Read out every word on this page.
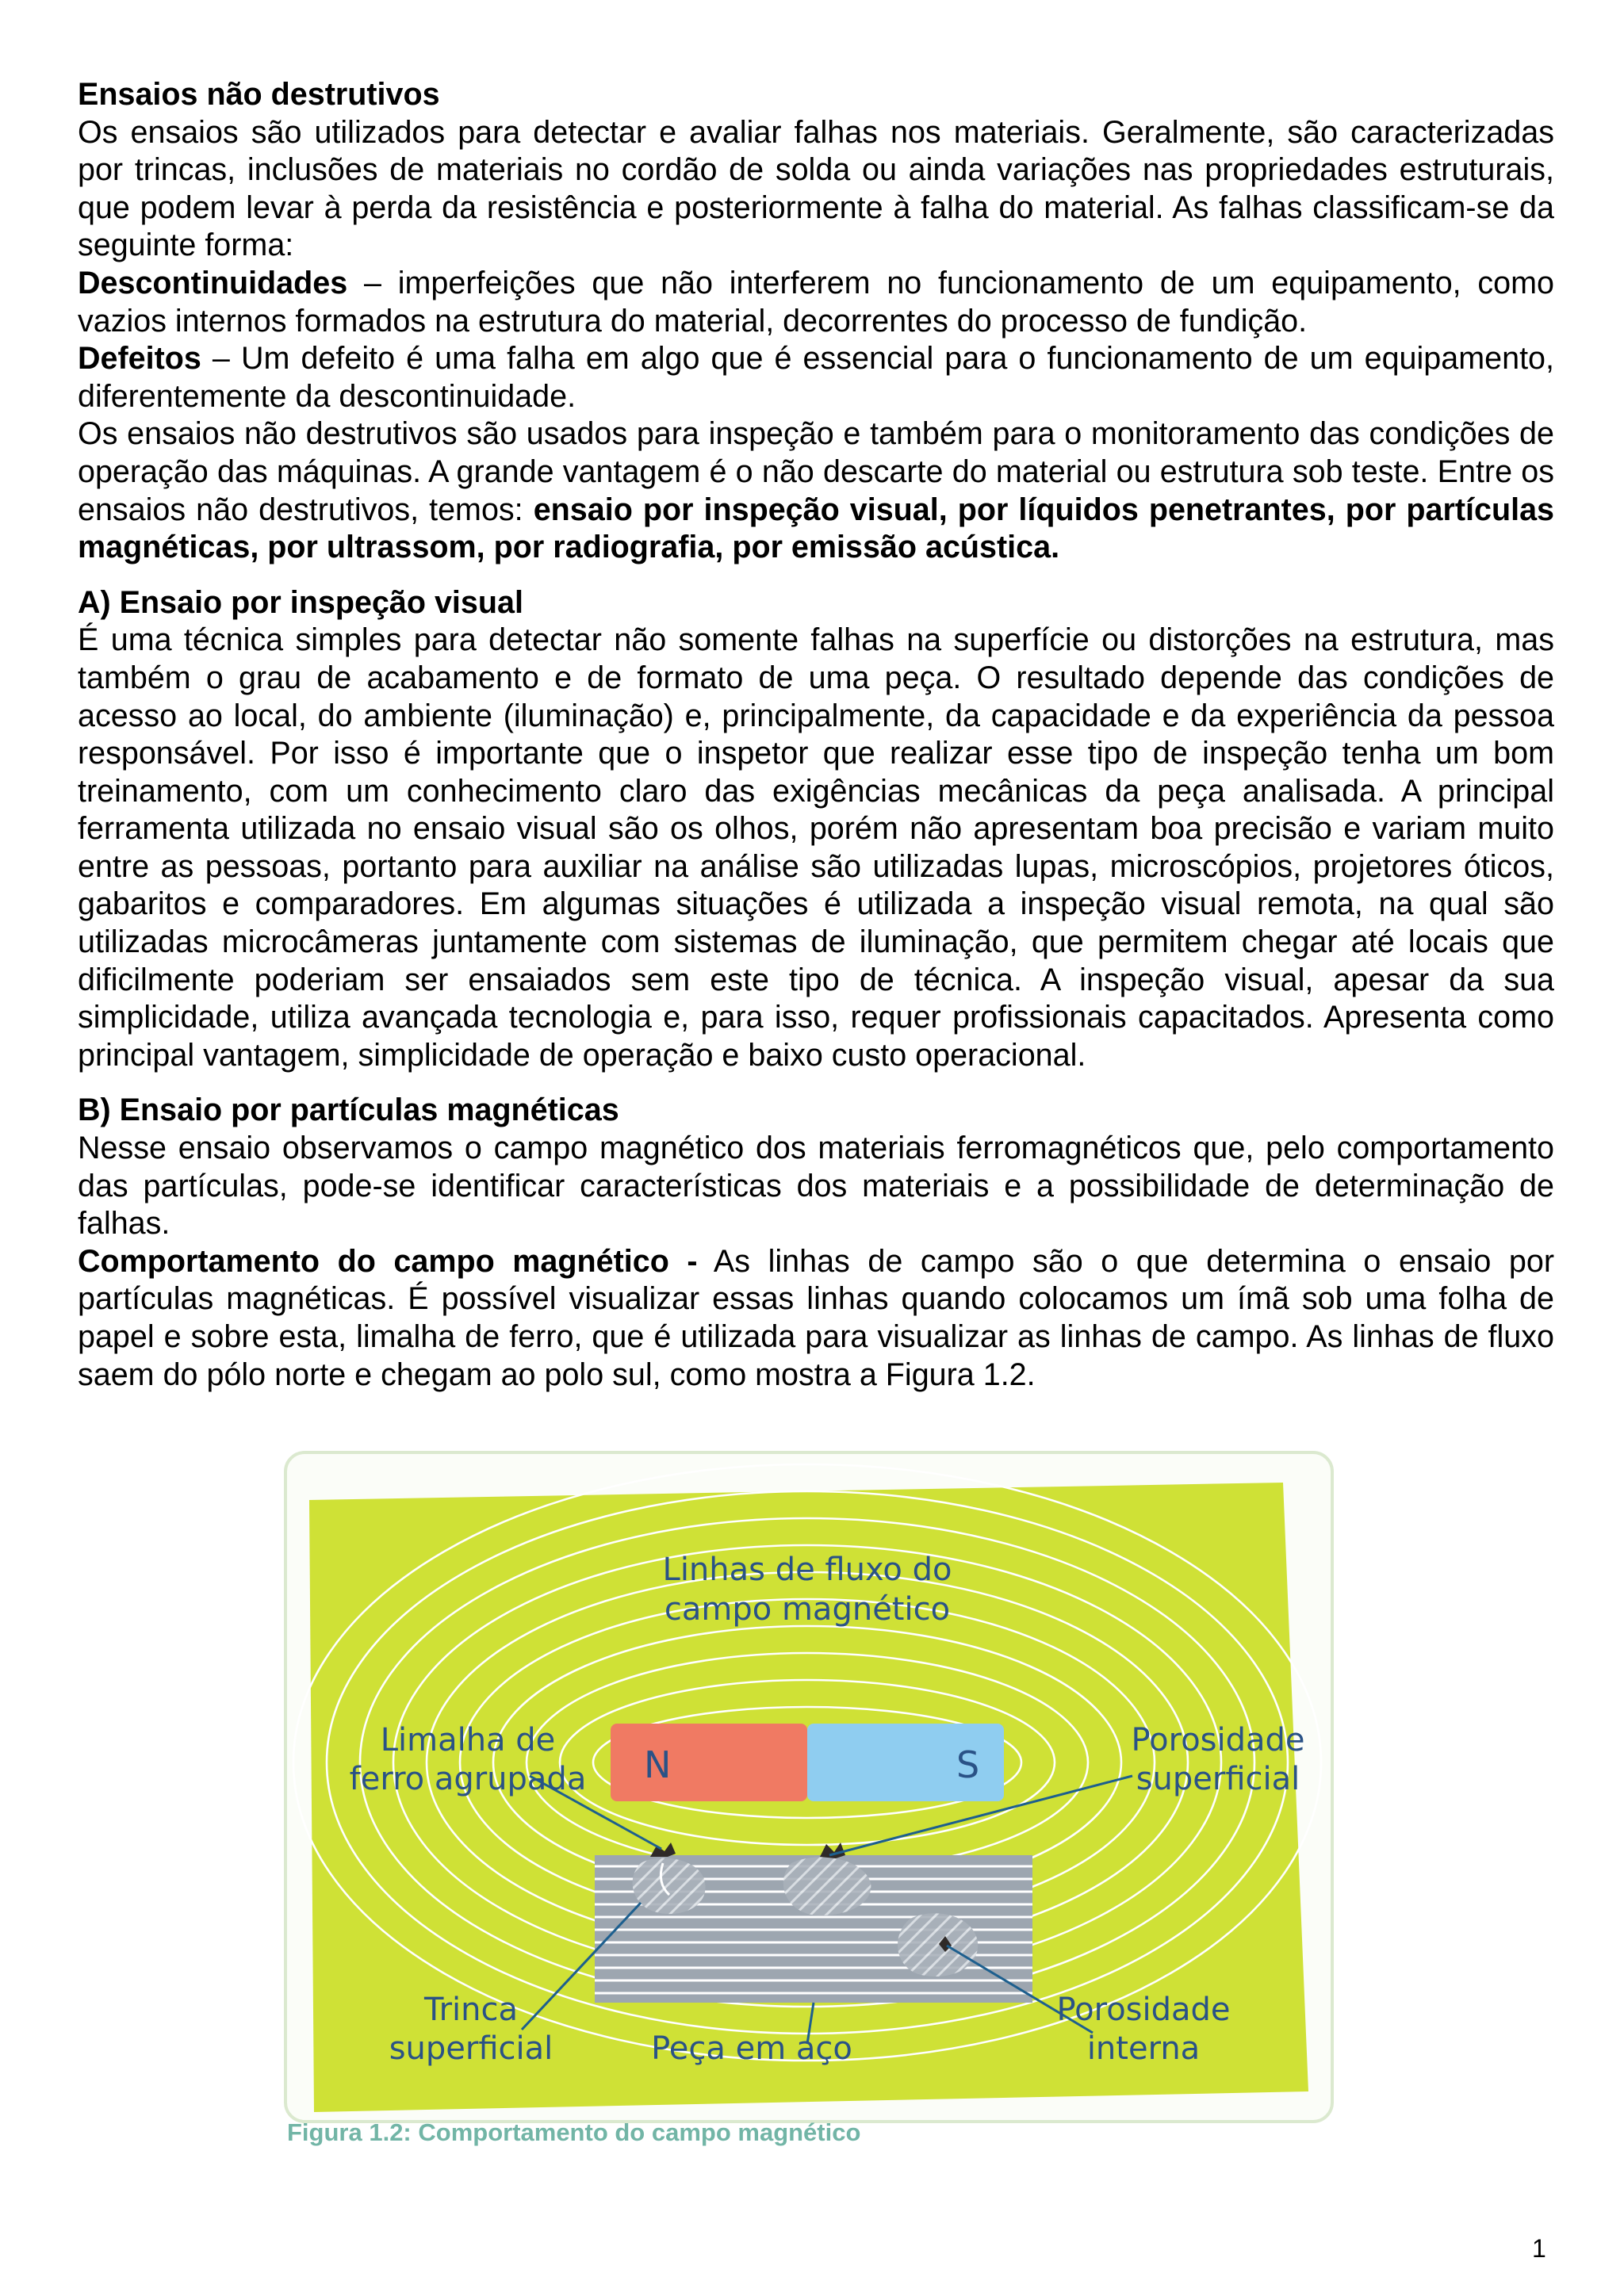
Ensaios não destrutivos

Os ensaios são utilizados para detectar e avaliar falhas nos materiais. Geralmente, são caracterizadas por trincas, inclusões de materiais no cordão de solda ou ainda variações nas propriedades estruturais, que podem levar à perda da resistência e posteriormente à falha do material. As falhas classificam-se da seguinte forma:

Descontinuidades – imperfeições que não interferem no funcionamento de um equipamento, como vazios internos formados na estrutura do material, decorrentes do processo de fundição.

Defeitos – Um defeito é uma falha em algo que é essencial para o funcionamento de um equipamento, diferentemente da descontinuidade.

Os ensaios não destrutivos são usados para inspeção e também para o monitoramento das condições de operação das máquinas. A grande vantagem é o não descarte do material ou estrutura sob teste. Entre os ensaios não destrutivos, temos: ensaio por inspeção visual, por líquidos penetrantes, por partículas magnéticas, por ultrassom, por radiografia, por emissão acústica.

A) Ensaio por inspeção visual

É uma técnica simples para detectar não somente falhas na superfície ou distorções na estrutura, mas também o grau de acabamento e de formato de uma peça. O resultado depende das condições de acesso ao local, do ambiente (iluminação) e, principalmente, da capacidade e da experiência da pessoa responsável. Por isso é importante que o inspetor que realizar esse tipo de inspeção tenha um bom treinamento, com um conhecimento claro das exigências mecânicas da peça analisada. A principal ferramenta utilizada no ensaio visual são os olhos, porém não apresentam boa precisão e variam muito entre as pessoas, portanto para auxiliar na análise são utilizadas lupas, microscópios, projetores óticos, gabaritos e comparadores. Em algumas situações é utilizada a inspeção visual remota, na qual são utilizadas microcâmeras juntamente com sistemas de iluminação, que permitem chegar até locais que dificilmente poderiam ser ensaiados sem este tipo de técnica. A inspeção visual, apesar da sua simplicidade, utiliza avançada tecnologia e, para isso, requer profissionais capacitados. Apresenta como principal vantagem, simplicidade de operação e baixo custo operacional.

B) Ensaio por partículas magnéticas

Nesse ensaio observamos o campo magnético dos materiais ferromagnéticos que, pelo comportamento das partículas, pode-se identificar características dos materiais e a possibilidade de determinação de falhas.

Comportamento do campo magnético - As linhas de campo são o que determina o ensaio por partículas magnéticas. É possível visualizar essas linhas quando colocamos um ímã sob uma folha de papel e sobre esta, limalha de ferro, que é utilizada para visualizar as linhas de campo. As linhas de fluxo saem do pólo norte e chegam ao polo sul, como mostra a Figura 1.2.

Linhas de fluxo do
campo magnético
N	S
Limalha de
ferro agrupada
Porosidade
superficial
Trinca
superficial	Peça em aço
Porosidade
interna
Figura 1.2: Comportamento do campo magnético
1
